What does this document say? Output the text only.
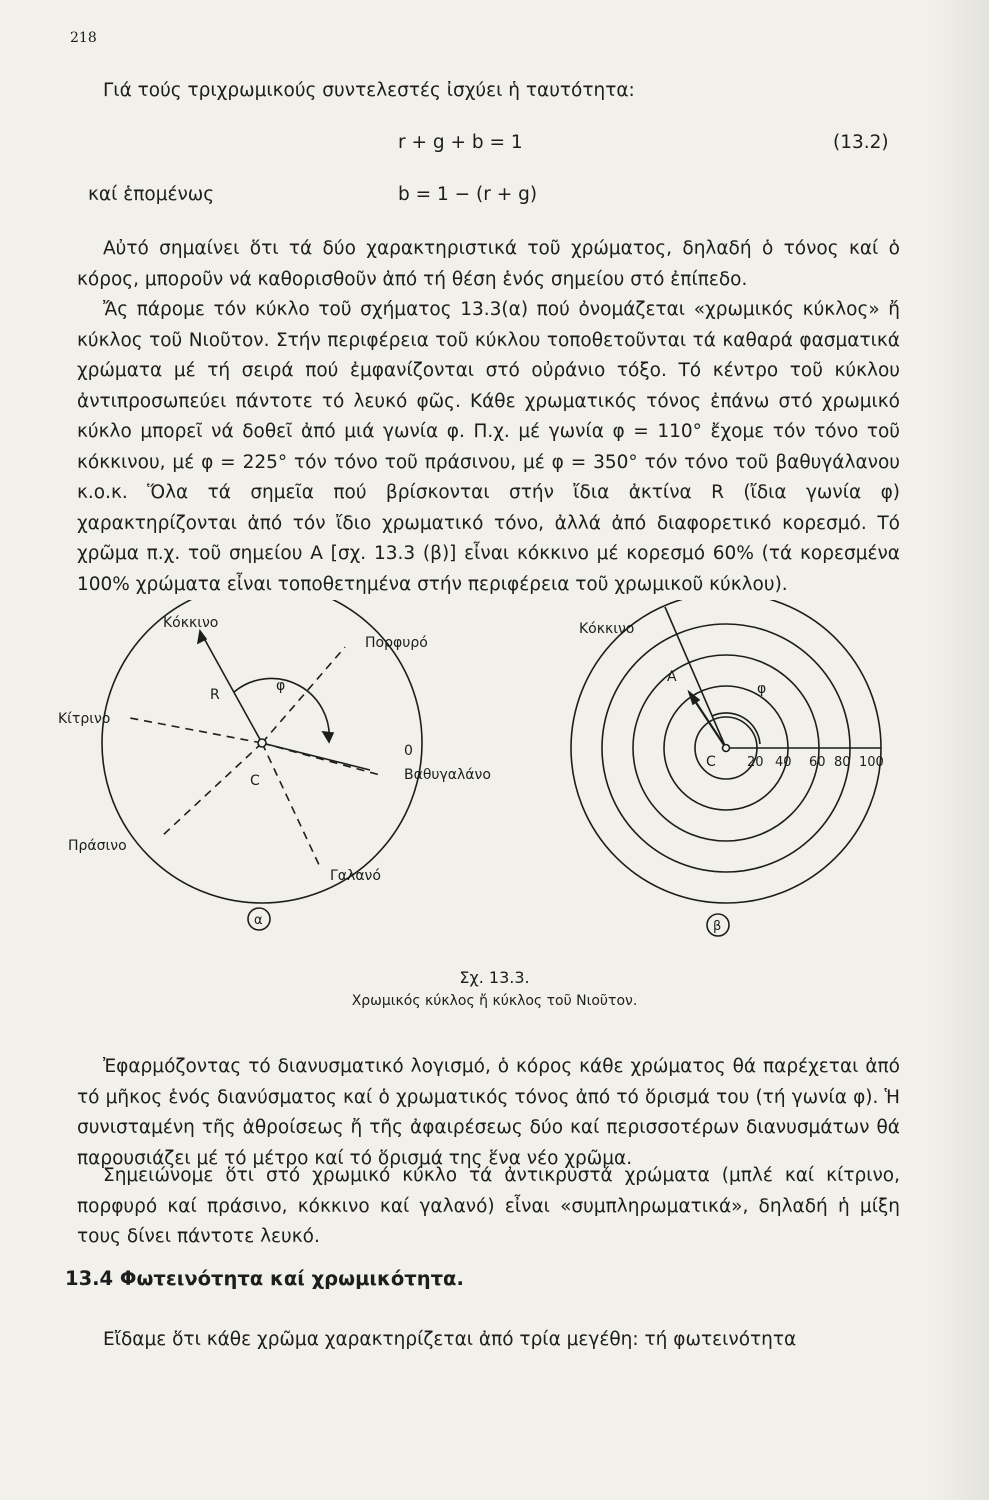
218
Γιά τούς τριχρωμικούς συντελεστές ἰσχύει ἡ ταυτότητα:
r + g + b = 1	(13.2)
καί ἑπομένως	b = 1 − (r + g)
Αὐτό σημαίνει ὅτι τά δύο χαρακτηριστικά τοῦ χρώματος, δηλαδή ὁ τόνος καί ὁ κόρος, μποροῦν νά καθορισθοῦν ἀπό τή θέση ἑνός σημείου στό ἐπίπεδο.
Ἄς πάρομε τόν κύκλο τοῦ σχήματος 13.3(α) πού ὀνομάζεται «χρωμικός κύκλος» ἤ κύκλος τοῦ Νιοῦτον. Στήν περιφέρεια τοῦ κύκλου τοποθετοῦνται τά καθαρά φασματικά χρώματα μέ τή σειρά πού ἐμφανίζονται στό οὐράνιο τόξο. Τό κέντρο τοῦ κύκλου ἀντιπροσωπεύει πάντοτε τό λευκό φῶς. Κάθε χρωματικός τόνος ἐπάνω στό χρωμικό κύκλο μπορεῖ νά δοθεῖ ἀπό μιά γωνία φ. Π.χ. μέ γωνία φ = 110° ἔχομε τόν τόνο τοῦ κόκκινου, μέ φ = 225° τόν τόνο τοῦ πράσινου, μέ φ = 350° τόν τόνο τοῦ βαθυγάλανου κ.ο.κ. Ὅλα τά σημεῖα πού βρίσκονται στήν ἴδια ἀκτίνα R (ἴδια γωνία φ) χαρακτηρίζονται ἀπό τόν ἴδιο χρωματικό τόνο, ἀλλά ἀπό διαφορετικό κορεσμό. Τό χρῶμα π.χ. τοῦ σημείου A [σχ. 13.3 (β)] εἶναι κόκκινο μέ κορεσμό 60% (τά κορεσμένα 100% χρώματα εἶναι τοποθετημένα στήν περιφέρεια τοῦ χρωμικοῦ κύκλου).
Κόκκινο
Πορφυρό
Κίτρινο
0
Βαθυγαλάνο
Πράσινο
Γαλανό
R
φ
C
α
Κόκκινο
A
φ
C 20 40 60 80 100
β
Σχ. 13.3.
Χρωμικός κύκλος ἤ κύκλος τοῦ Νιοῦτον.
Ἐφαρμόζοντας τό διανυσματικό λογισμό, ὁ κόρος κάθε χρώματος θά παρέχεται ἀπό τό μῆκος ἑνός διανύσματος καί ὁ χρωματικός τόνος ἀπό τό ὅρισμά του (τή γωνία φ). Ἡ συνισταμένη τῆς ἀθροίσεως ἤ τῆς ἀφαιρέσεως δύο καί περισσοτέρων διανυσμάτων θά παρουσιάζει μέ τό μέτρο καί τό ὅρισμά της ἕνα νέο χρῶμα.
Σημειώνομε ὅτι στό χρωμικό κύκλο τά ἀντικρυστά χρώματα (μπλέ καί κίτρινο, πορφυρό καί πράσινο, κόκκινο καί γαλανό) εἶναι «συμπληρωματικά», δηλαδή ἡ μίξη τους δίνει πάντοτε λευκό.
13.4 Φωτεινότητα καί χρωμικότητα.
Εἴδαμε ὅτι κάθε χρῶμα χαρακτηρίζεται ἀπό τρία μεγέθη: τή φωτεινότητα
